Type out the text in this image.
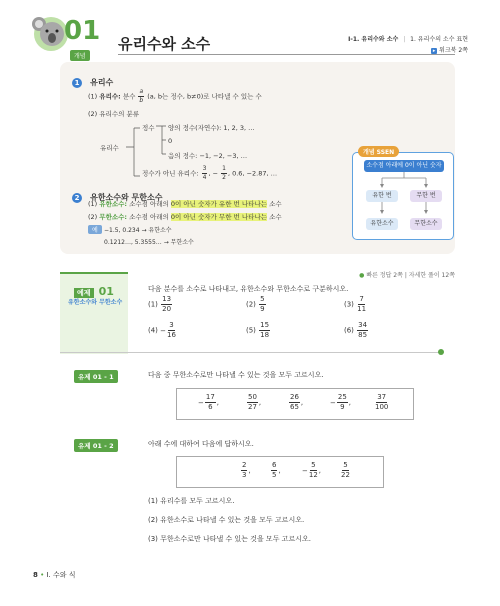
01
개념
유리수와 소수	Ⅰ-1. 유리수와 소수 | 1. 유리수의 소수 표현
▸ 워크북 2쪽
1 유리수
(1) 유리수: 분수 $\frac{a}{b} (a$, b는 정수, b≠0)로 나타낼 수 있는 수
(2) 유리수의 분류
유리수
정수 양의 정수(자연수): 1, 2, 3, …
0
음의 정수: −1, −2, −3, …
정수가 아닌 유리수: $\frac{3}{4}$ , − $\frac{1}{2}$ , 0.6, −2.87, …
2 유한소수와 무한소수
(1) 유한소수: 소수점 아래의 0이 아닌 숫자가 유한 번 나타나는 소수
(2) 무한소수: 소수점 아래의 0이 아닌 숫자가 무한 번 나타나는 소수
예	−1.5, 0.234 → 유한소수
0.1212…, 5.3555… → 무한소수
개념 SSEN
소수점 아래에 0이 아닌 숫자
유한 번	무한 번
유한소수	무한소수
예제 01
유한소수와 무한소수
● 빠른 정답 2쪽 | 자세한 풀이 12쪽
다음 분수를 소수로 나타내고, 유한소수와 무한소수로 구분하시오.
$(1) \frac{13}{20}$	$(2) \frac{5}{9}$	$(3) \frac{7}{11}$
$(4) - \frac{3}{16}$	$(5) \frac{15}{18}$	$(6) \frac{34}{85}$
유제 01 - 1	다음 중 무한소수로만 나타낼 수 있는 것을 모두 고르시오.
− $\frac{17}{6}$ ,	$\frac{50}{27}$ ,	$\frac{26}{65}$ ,	− $\frac{25}{9}$ ,	$\frac{37}{100}$
유제 01 - 2	아래 수에 대하여 다음에 답하시오.
$\frac{2}{3}$ ,	$\frac{6}{5}$ ,	− $\frac{5}{12}$ ,	$\frac{5}{22}$
(1) 유리수를 모두 고르시오.
(2) 유한소수로 나타낼 수 있는 것을 모두 고르시오.
(3) 무한소수로만 나타낼 수 있는 것을 모두 고르시오.
8 • Ⅰ. 수와 식
